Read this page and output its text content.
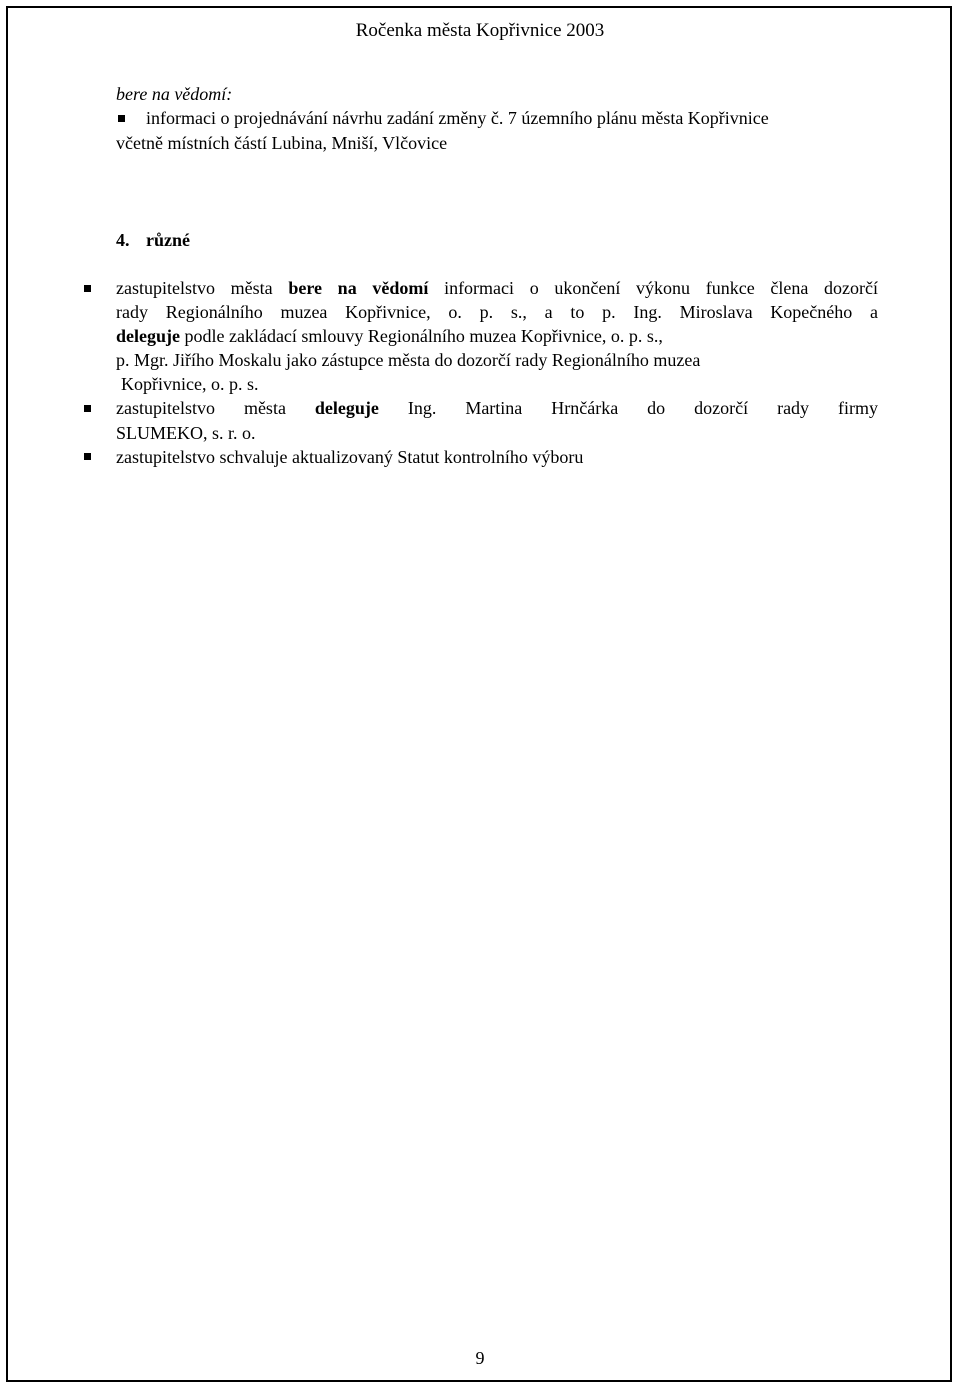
Ročenka města Kopřivnice 2003
bere na vědomí:
informaci o projednávání návrhu zadání změny č. 7 územního plánu města Kopřivnice
včetně místních částí Lubina, Mniší, Vlčovice
4. různé
zastupitelstvo města bere na vědomí informaci o ukončení výkonu funkce člena dozorčí
rady Regionálního muzea Kopřivnice, o. p. s., a to p. Ing. Miroslava Kopečného a
deleguje podle zakládací smlouvy Regionálního muzea Kopřivnice, o. p. s.,
p. Mgr. Jiřího Moskalu jako zástupce města do dozorčí rady Regionálního muzea
Kopřivnice, o. p. s.
zastupitelstvo města deleguje Ing. Martina Hrnčárka do dozorčí rady firmy
SLUMEKO, s. r. o.
zastupitelstvo schvaluje aktualizovaný Statut kontrolního výboru
9
